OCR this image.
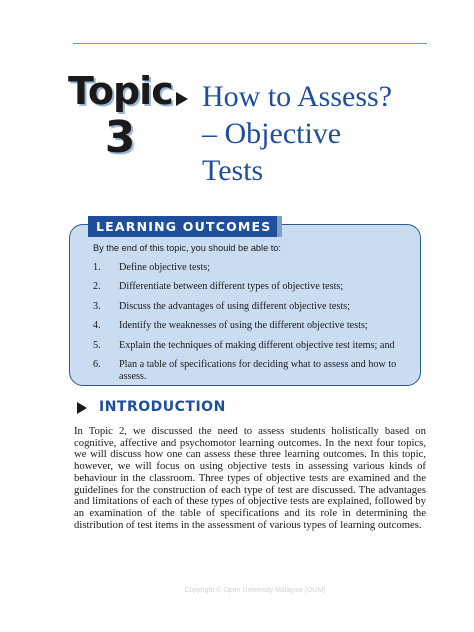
Topic
3
How to Assess?
– Objective
Tests
LEARNING OUTCOMES
By the end of this topic, you should be able to:
1.	Define objective tests;
2.	Differentiate between different types of objective tests;
3.	Discuss the advantages of using different objective tests;
4.	Identify the weaknesses of using the different objective tests;
5.	Explain the techniques of making different objective test items; and
6.	Plan a table of specifications for deciding what to assess and how to assess.
INTRODUCTION

In Topic 2, we discussed the need to assess students holistically based on cognitive, affective and psychomotor learning outcomes. In the next four topics, we will discuss how one can assess these three learning outcomes. In this topic, however, we will focus on using objective tests in assessing various kinds of behaviour in the classroom. Three types of objective tests are examined and the guidelines for the construction of each type of test are discussed. The advantages and limitations of each of these types of objective tests are explained, followed by an examination of the table of specifications and its role in determining the distribution of test items in the assessment of various types of learning outcomes.

Copyright © Open University Malaysia (OUM)
